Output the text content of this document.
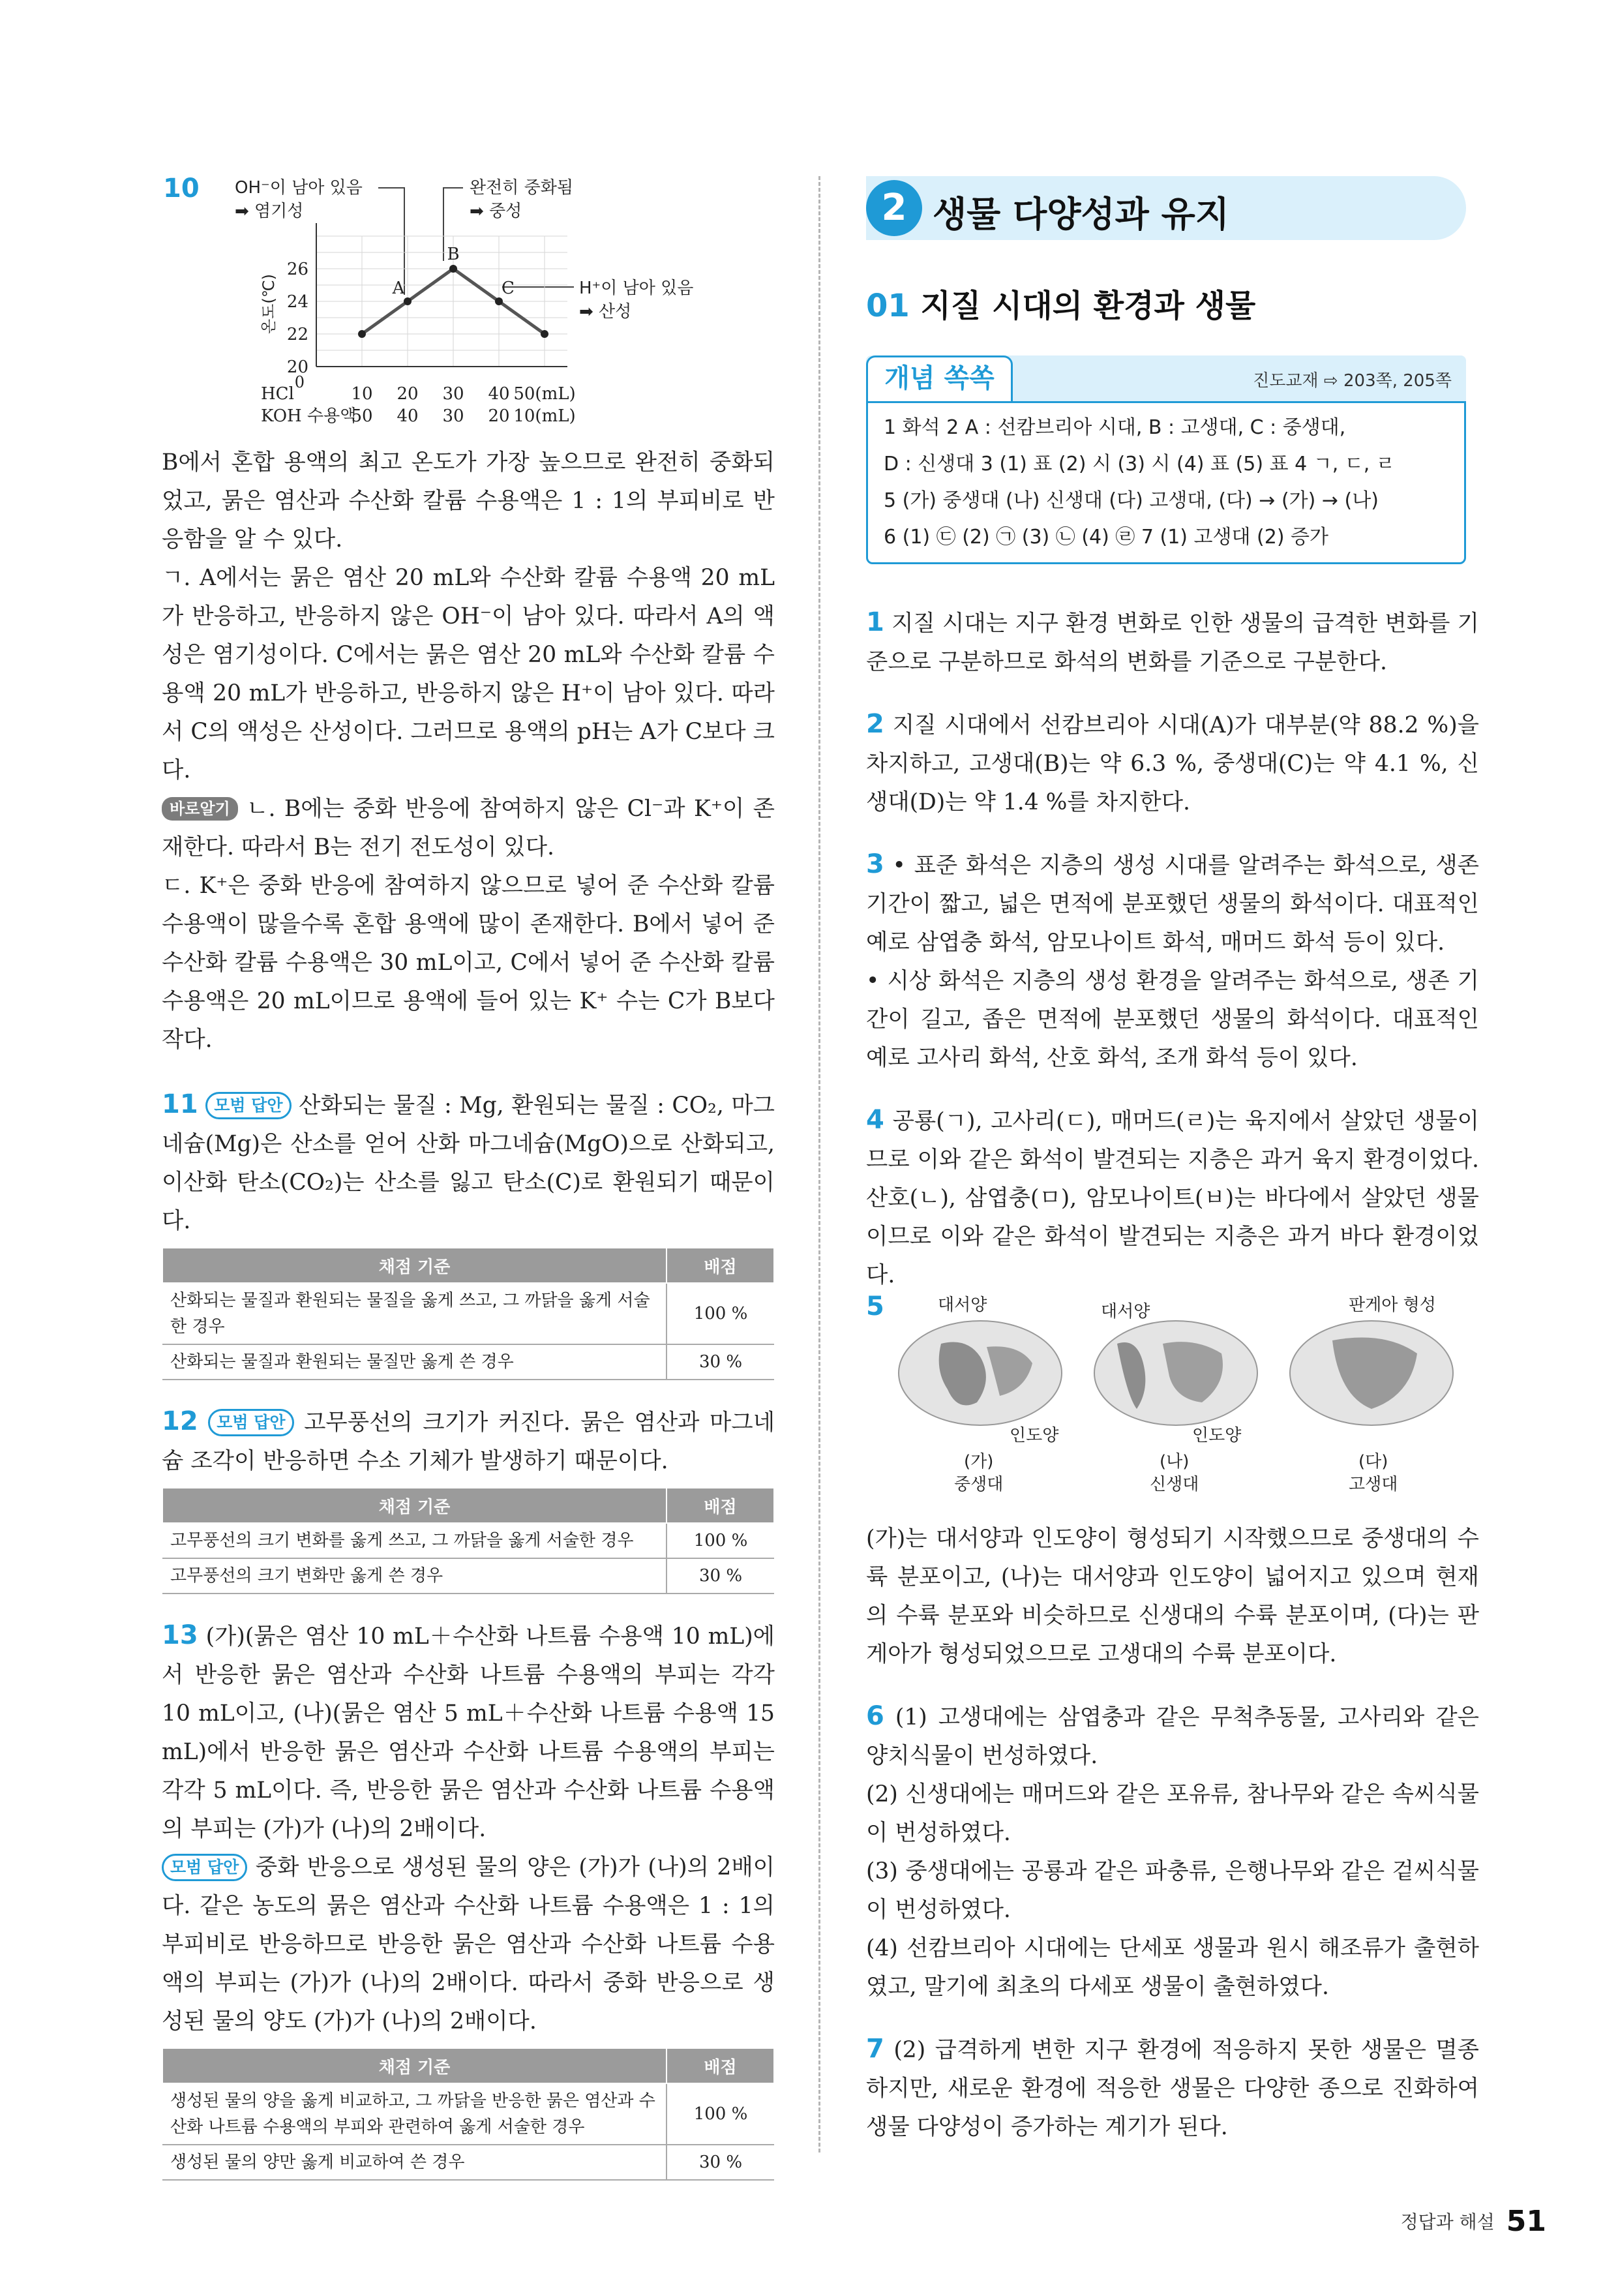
10 OH⁻이 남아 있음
➡ 염기성
완전히 중화됨
➡ 중성
H⁺이 남아 있음
➡ 산성
20
22
24
26
0
10
50
20
40
30
30
40
20
50(mL)
10(mL)
A
B
C
온도(℃)
HCl
KOH 수용액

B에서 혼합 용액의 최고 온도가 가장 높으므로 완전히 중화되었고, 묽은 염산과 수산화 칼륨 수용액은 1 : 1의 부피비로 반응함을 알 수 있다.

ㄱ. A에서는 묽은 염산 20 mL와 수산화 칼륨 수용액 20 mL가 반응하고, 반응하지 않은 OH⁻이 남아 있다. 따라서 A의 액성은 염기성이다. C에서는 묽은 염산 20 mL와 수산화 칼륨 수용액 20 mL가 반응하고, 반응하지 않은 H⁺이 남아 있다. 따라서 C의 액성은 산성이다. 그러므로 용액의 pH는 A가 C보다 크다.

바로알기 ㄴ. B에는 중화 반응에 참여하지 않은 Cl⁻과 K⁺이 존재한다. 따라서 B는 전기 전도성이 있다.

ㄷ. K⁺은 중화 반응에 참여하지 않으므로 넣어 준 수산화 칼륨 수용액이 많을수록 혼합 용액에 많이 존재한다. B에서 넣어 준 수산화 칼륨 수용액은 30 mL이고, C에서 넣어 준 수산화 칼륨 수용액은 20 mL이므로 용액에 들어 있는 K⁺ 수는 C가 B보다 작다.

11 모범 답안 산화되는 물질 : Mg, 환원되는 물질 : CO₂, 마그네슘(Mg)은 산소를 얻어 산화 마그네슘(MgO)으로 산화되고, 이산화 탄소(CO₂)는 산소를 잃고 탄소(C)로 환원되기 때문이다.

채점 기준	배점
산화되는 물질과 환원되는 물질을 옳게 쓰고, 그 까닭을 옳게 서술한 경우	100 %
산화되는 물질과 환원되는 물질만 옳게 쓴 경우	30 %

12 모범 답안 고무풍선의 크기가 커진다. 묽은 염산과 마그네슘 조각이 반응하면 수소 기체가 발생하기 때문이다.

채점 기준	배점
고무풍선의 크기 변화를 옳게 쓰고, 그 까닭을 옳게 서술한 경우	100 %
고무풍선의 크기 변화만 옳게 쓴 경우	30 %

13 (가)(묽은 염산 10 mL＋수산화 나트륨 수용액 10 mL)에서 반응한 묽은 염산과 수산화 나트륨 수용액의 부피는 각각 10 mL이고, (나)(묽은 염산 5 mL＋수산화 나트륨 수용액 15 mL)에서 반응한 묽은 염산과 수산화 나트륨 수용액의 부피는 각각 5 mL이다. 즉, 반응한 묽은 염산과 수산화 나트륨 수용액의 부피는 (가)가 (나)의 2배이다.

모범 답안 중화 반응으로 생성된 물의 양은 (가)가 (나)의 2배이다. 같은 농도의 묽은 염산과 수산화 나트륨 수용액은 1 : 1의 부피비로 반응하므로 반응한 묽은 염산과 수산화 나트륨 수용액의 부피는 (가)가 (나)의 2배이다. 따라서 중화 반응으로 생성된 물의 양도 (가)가 (나)의 2배이다.

채점 기준	배점
생성된 물의 양을 옳게 비교하고, 그 까닭을 반응한 묽은 염산과 수산화 나트륨 수용액의 부피와 관련하여 옳게 서술한 경우	100 %
생성된 물의 양만 옳게 비교하여 쓴 경우	30 %
2 생물 다양성과 유지
01 지질 시대의 환경과 생물
개념 쏙쏙	진도교재 ⇨ 203쪽, 205쪽
1 화석 2 A : 선캄브리아 시대, B : 고생대, C : 중생대,
D : 신생대 3 (1) 표 (2) 시 (3) 시 (4) 표 (5) 표 4 ㄱ, ㄷ, ㄹ
5 (가) 중생대 (나) 신생대 (다) 고생대, (다) → (가) → (나)
6 (1) ㉢ (2) ㉠ (3) ㉡ (4) ㉣ 7 (1) 고생대 (2) 증가

1 지질 시대는 지구 환경 변화로 인한 생물의 급격한 변화를 기준으로 구분하므로 화석의 변화를 기준으로 구분한다.

2 지질 시대에서 선캄브리아 시대(A)가 대부분(약 88.2 %)을 차지하고, 고생대(B)는 약 6.3 %, 중생대(C)는 약 4.1 %, 신생대(D)는 약 1.4 %를 차지한다.

3 • 표준 화석은 지층의 생성 시대를 알려주는 화석으로, 생존 기간이 짧고, 넓은 면적에 분포했던 생물의 화석이다. 대표적인 예로 삼엽충 화석, 암모나이트 화석, 매머드 화석 등이 있다.

• 시상 화석은 지층의 생성 환경을 알려주는 화석으로, 생존 기간이 길고, 좁은 면적에 분포했던 생물의 화석이다. 대표적인 예로 고사리 화석, 산호 화석, 조개 화석 등이 있다.

4 공룡(ㄱ), 고사리(ㄷ), 매머드(ㄹ)는 육지에서 살았던 생물이므로 이와 같은 화석이 발견되는 지층은 과거 육지 환경이었다. 산호(ㄴ), 삼엽충(ㅁ), 암모나이트(ㅂ)는 바다에서 살았던 생물이므로 이와 같은 화석이 발견되는 지층은 과거 바다 환경이었다.

5	대서양
인도양
(가)
중생대
대서양
인도양
(나)
신생대
판게아 형성
(다)
고생대

(가)는 대서양과 인도양이 형성되기 시작했으므로 중생대의 수륙 분포이고, (나)는 대서양과 인도양이 넓어지고 있으며 현재의 수륙 분포와 비슷하므로 신생대의 수륙 분포이며, (다)는 판게아가 형성되었으므로 고생대의 수륙 분포이다.

6 (1) 고생대에는 삼엽충과 같은 무척추동물, 고사리와 같은 양치식물이 번성하였다.

(2) 신생대에는 매머드와 같은 포유류, 참나무와 같은 속씨식물이 번성하였다.

(3) 중생대에는 공룡과 같은 파충류, 은행나무와 같은 겉씨식물이 번성하였다.

(4) 선캄브리아 시대에는 단세포 생물과 원시 해조류가 출현하였고, 말기에 최초의 다세포 생물이 출현하였다.

7 (2) 급격하게 변한 지구 환경에 적응하지 못한 생물은 멸종하지만, 새로운 환경에 적응한 생물은 다양한 종으로 진화하여 생물 다양성이 증가하는 계기가 된다.

정답과 해설 51
